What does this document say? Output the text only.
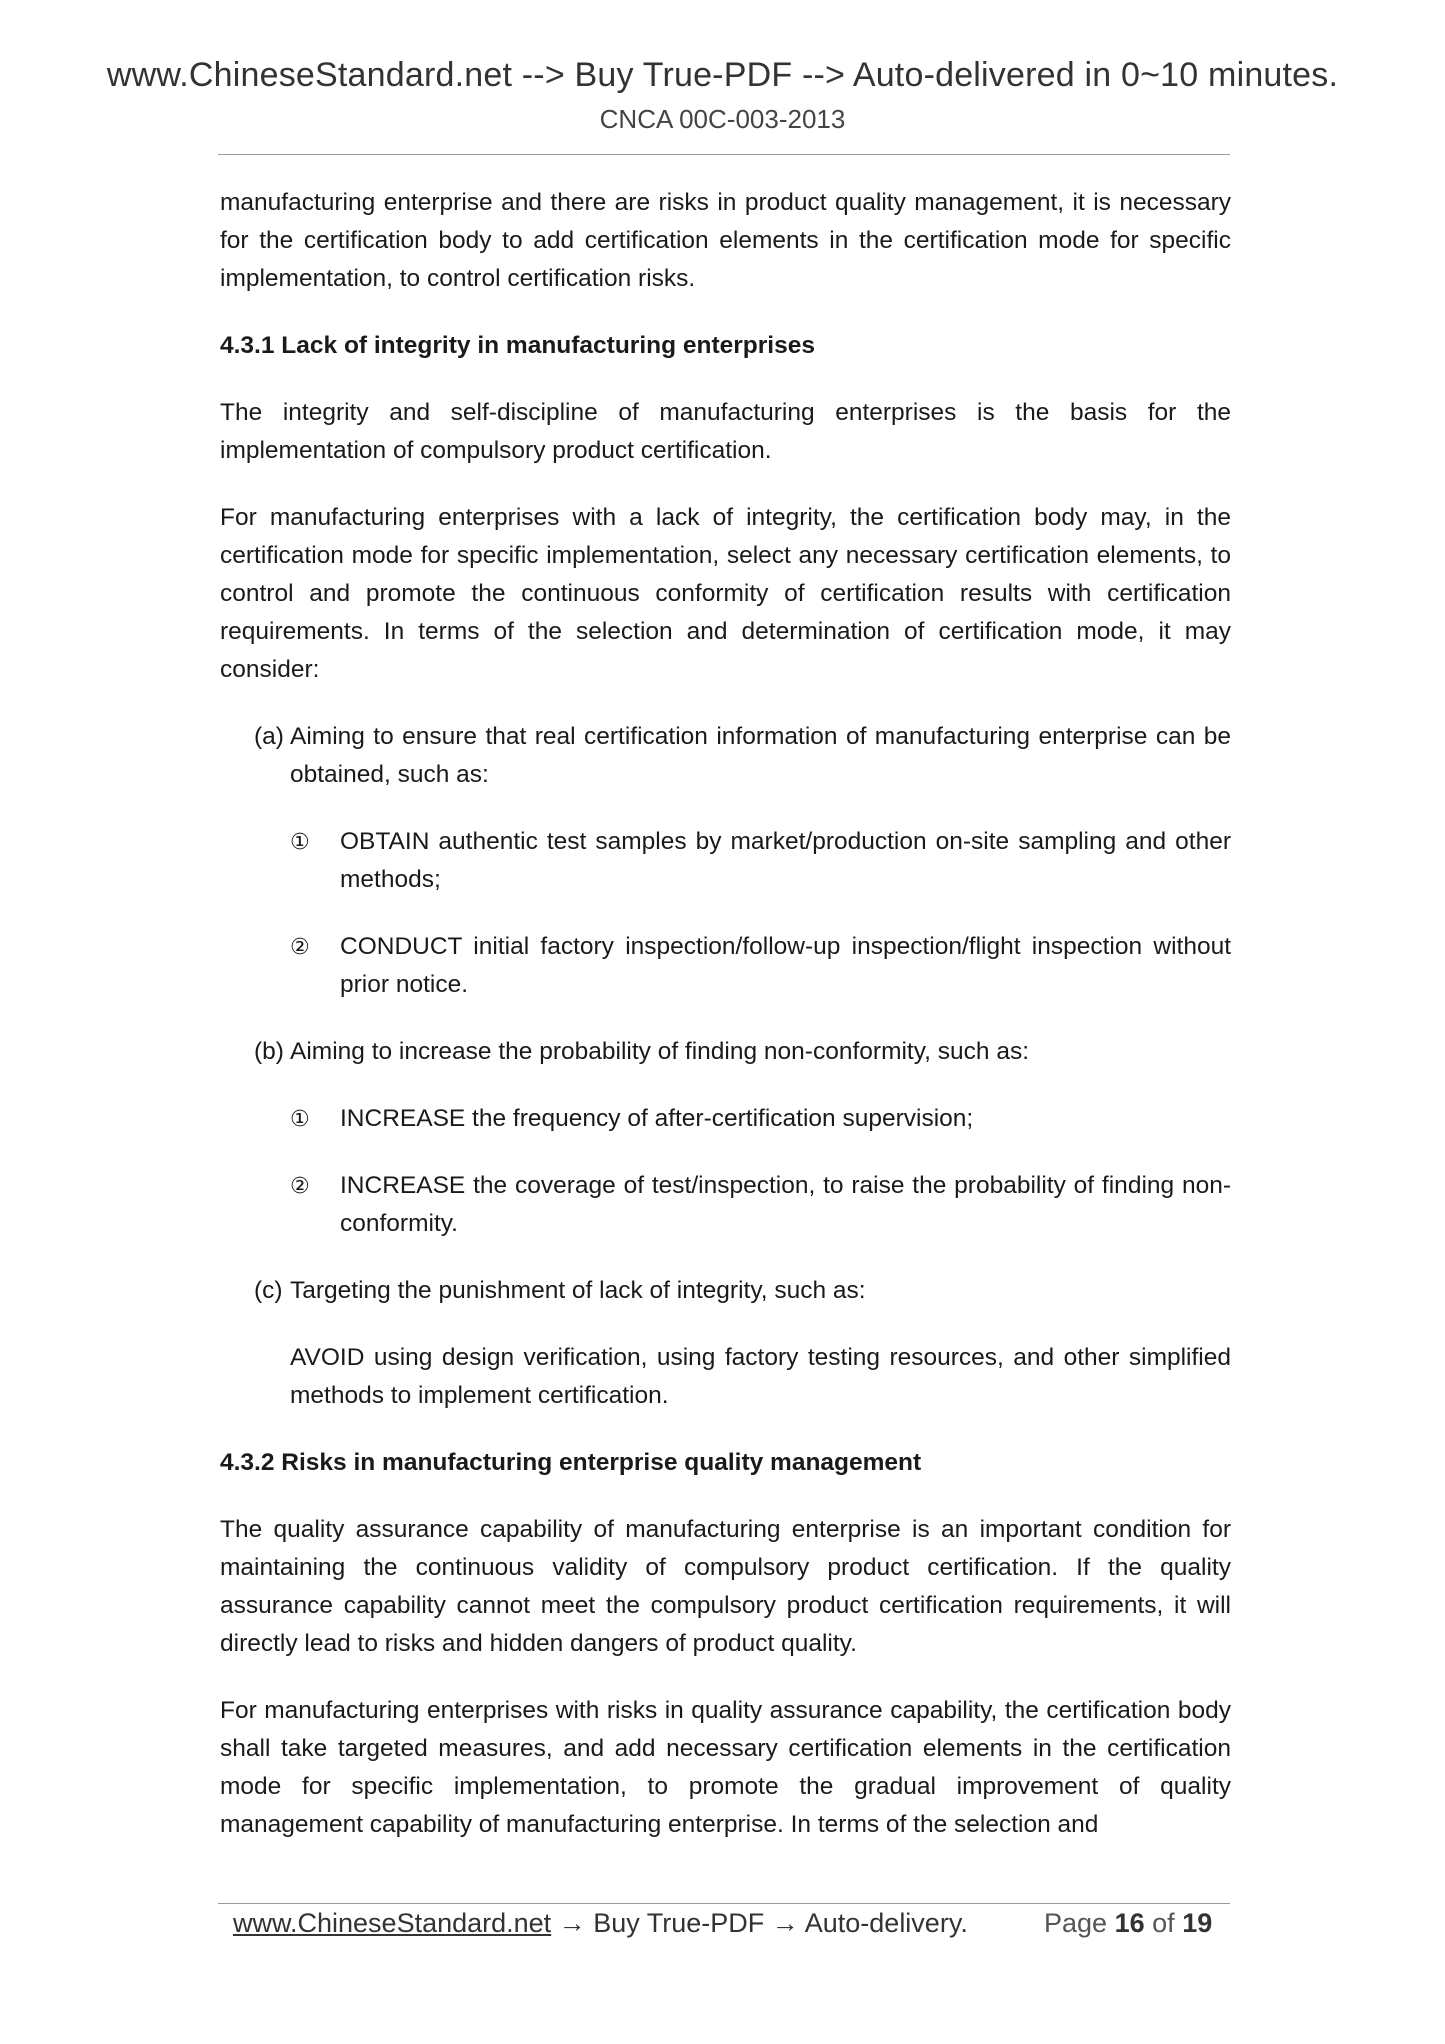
www.ChineseStandard.net --> Buy True-PDF --> Auto-delivered in 0~10 minutes.
CNCA 00C-003-2013

manufacturing enterprise and there are risks in product quality management, it is necessary for the certification body to add certification elements in the certification mode for specific implementation, to control certification risks.

4.3.1 Lack of integrity in manufacturing enterprises

The integrity and self-discipline of manufacturing enterprises is the basis for the implementation of compulsory product certification.

For manufacturing enterprises with a lack of integrity, the certification body may, in the certification mode for specific implementation, select any necessary certification elements, to control and promote the continuous conformity of certification results with certification requirements. In terms of the selection and determination of certification mode, it may consider:

(a) Aiming to ensure that real certification information of manufacturing enterprise can be obtained, such as:
①	OBTAIN authentic test samples by market/production on-site sampling and other methods;
②	CONDUCT initial factory inspection/follow-up inspection/flight inspection without prior notice.
(b) Aiming to increase the probability of finding non-conformity, such as:
①	INCREASE the frequency of after-certification supervision;
②	INCREASE the coverage of test/inspection, to raise the probability of finding non-conformity.
(c) Targeting the punishment of lack of integrity, such as:
AVOID using design verification, using factory testing resources, and other simplified methods to implement certification.
4.3.2 Risks in manufacturing enterprise quality management

The quality assurance capability of manufacturing enterprise is an important condition for maintaining the continuous validity of compulsory product certification. If the quality assurance capability cannot meet the compulsory product certification requirements, it will directly lead to risks and hidden dangers of product quality.

For manufacturing enterprises with risks in quality assurance capability, the certification body shall take targeted measures, and add necessary certification elements in the certification mode for specific implementation, to promote the gradual improvement of quality management capability of manufacturing enterprise. In terms of the selection and

www.ChineseStandard.net → Buy True-PDF → Auto-delivery.	Page 16 of 19
